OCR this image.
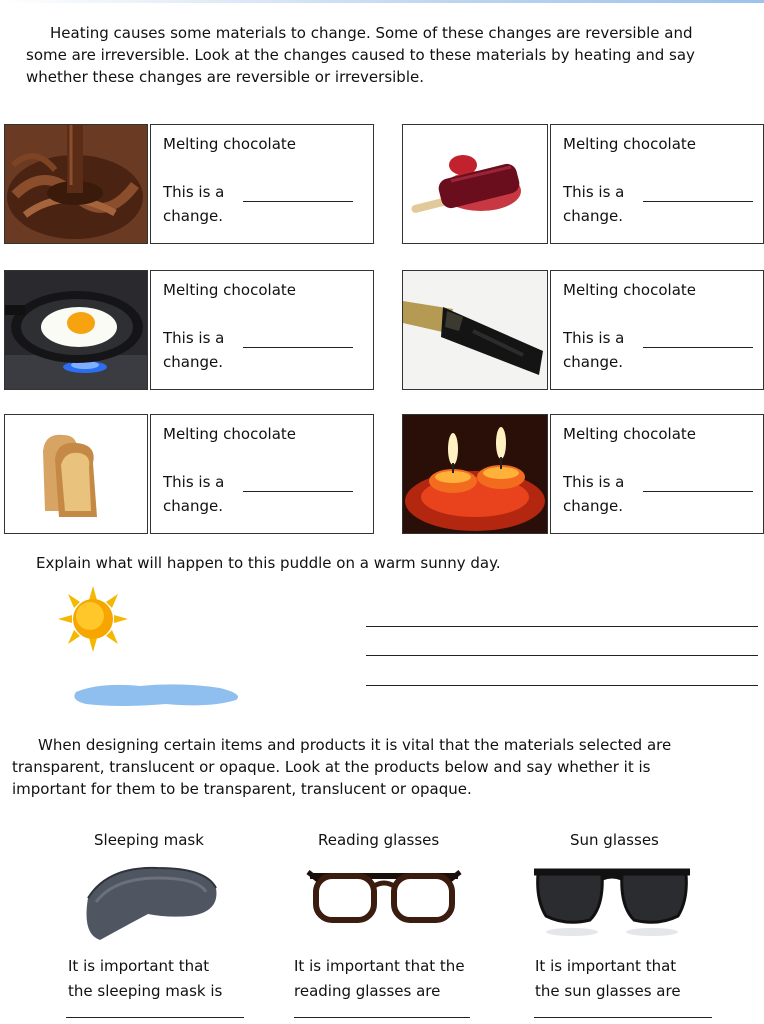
Heating causes some materials to change. Some of these changes are reversible and
some are irreversible. Look at the changes caused to these materials by heating and say
whether these changes are reversible or irreversible.
Melting chocolate
This is a
change.
Melting chocolate
This is a
change.
Melting chocolate
This is a
change.
Melting chocolate
This is a
change.
Melting chocolate
This is a
change.
Melting chocolate
This is a
change.
Explain what will happen to this puddle on a warm sunny day.
When designing certain items and products it is vital that the materials selected are
transparent, translucent or opaque. Look at the products below and say whether it is
important for them to be transparent, translucent or opaque.
Sleeping mask	Reading glasses	Sun glasses
It is important that
the sleeping mask is
It is important that the
reading glasses are
It is important that
the sun glasses are
